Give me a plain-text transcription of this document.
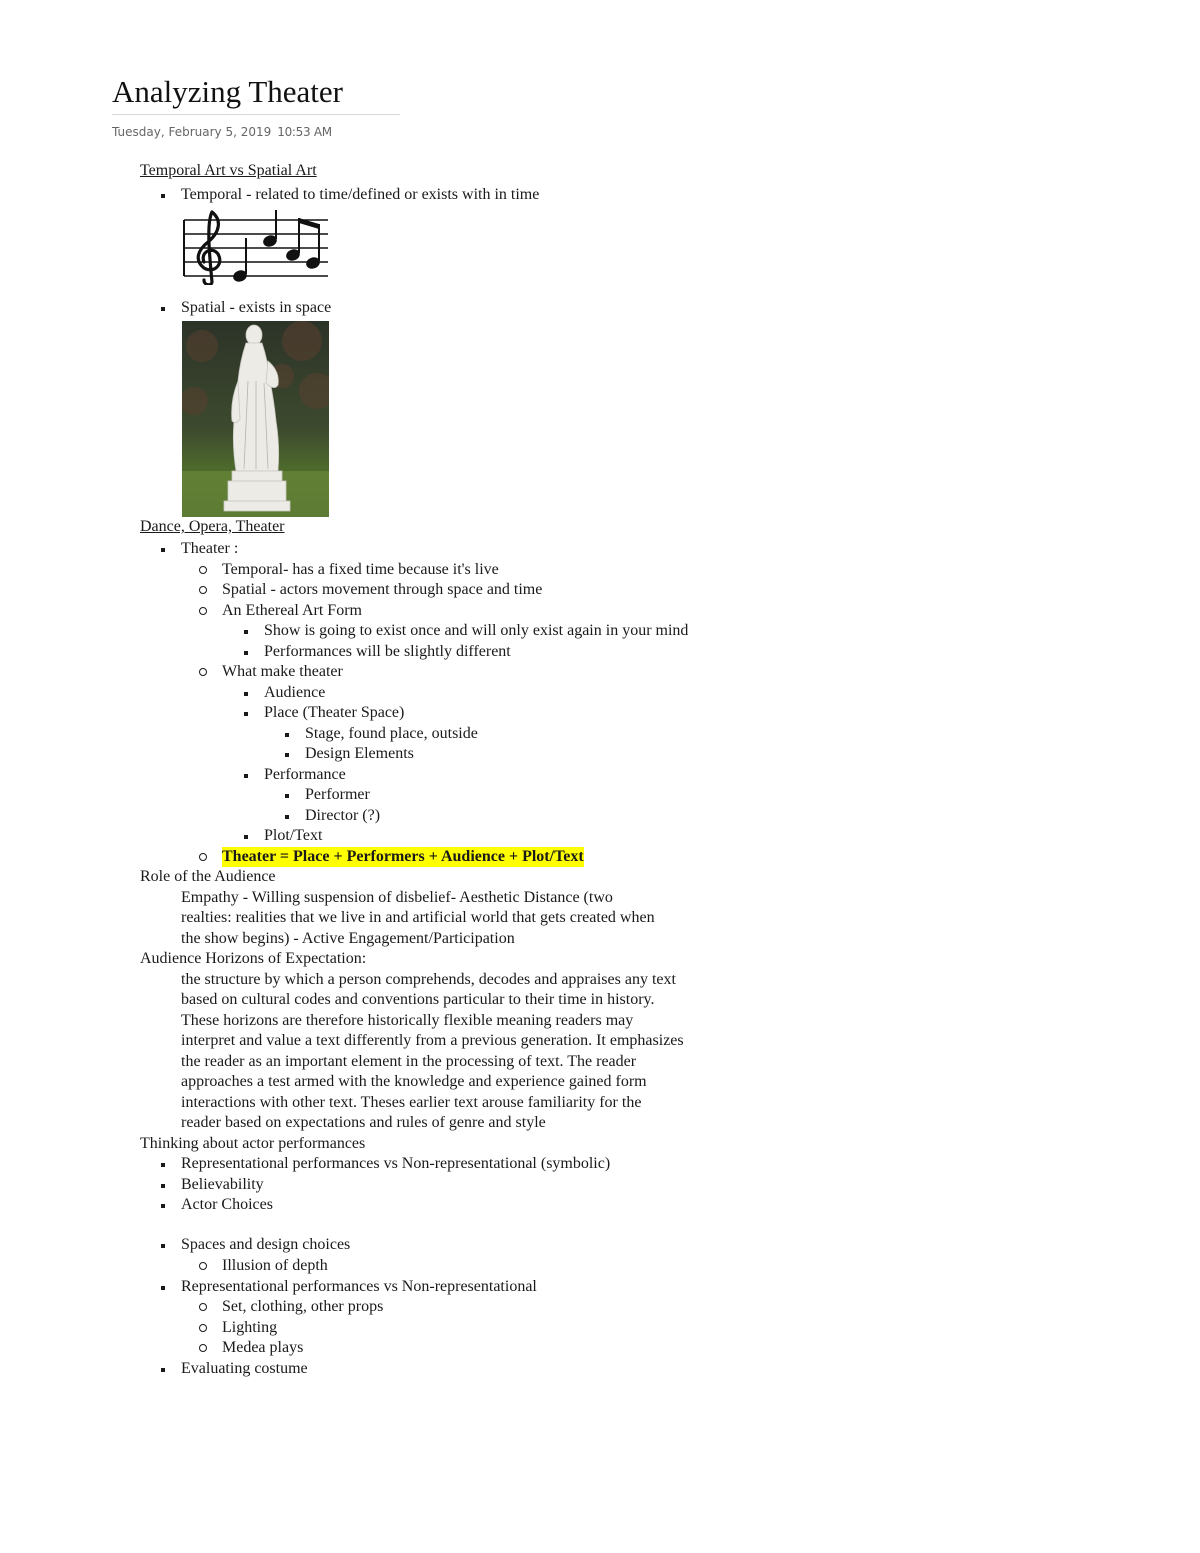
Analyzing Theater
Tuesday, February 5, 2019 10:53 AM
Temporal Art vs Spatial Art
Temporal - related to time/defined or exists with in time
Spatial - exists in space
Dance, Opera, Theater
Theater :
Temporal- has a fixed time because it's live
Spatial - actors movement through space and time
An Ethereal Art Form
Show is going to exist once and will only exist again in your mind
Performances will be slightly different
What make theater
Audience
Place (Theater Space)
Stage, found place, outside
Design Elements
Performance
Performer
Director (?)
Plot/Text
Theater = Place + Performers + Audience + Plot/Text
Role of the Audience
Empathy - Willing suspension of disbelief- Aesthetic Distance (two
realties: realities that we live in and artificial world that gets created when
the show begins) - Active Engagement/Participation
Audience Horizons of Expectation:
the structure by which a person comprehends, decodes and appraises any text
based on cultural codes and conventions particular to their time in history.
These horizons are therefore historically flexible meaning readers may
interpret and value a text differently from a previous generation. It emphasizes
the reader as an important element in the processing of text. The reader
approaches a test armed with the knowledge and experience gained form
interactions with other text. Theses earlier text arouse familiarity for the
reader based on expectations and rules of genre and style
Thinking about actor performances
Representational performances vs Non-representational (symbolic)
Believability
Actor Choices
Spaces and design choices
Illusion of depth
Representational performances vs Non-representational
Set, clothing, other props
Lighting
Medea plays
Evaluating costume
